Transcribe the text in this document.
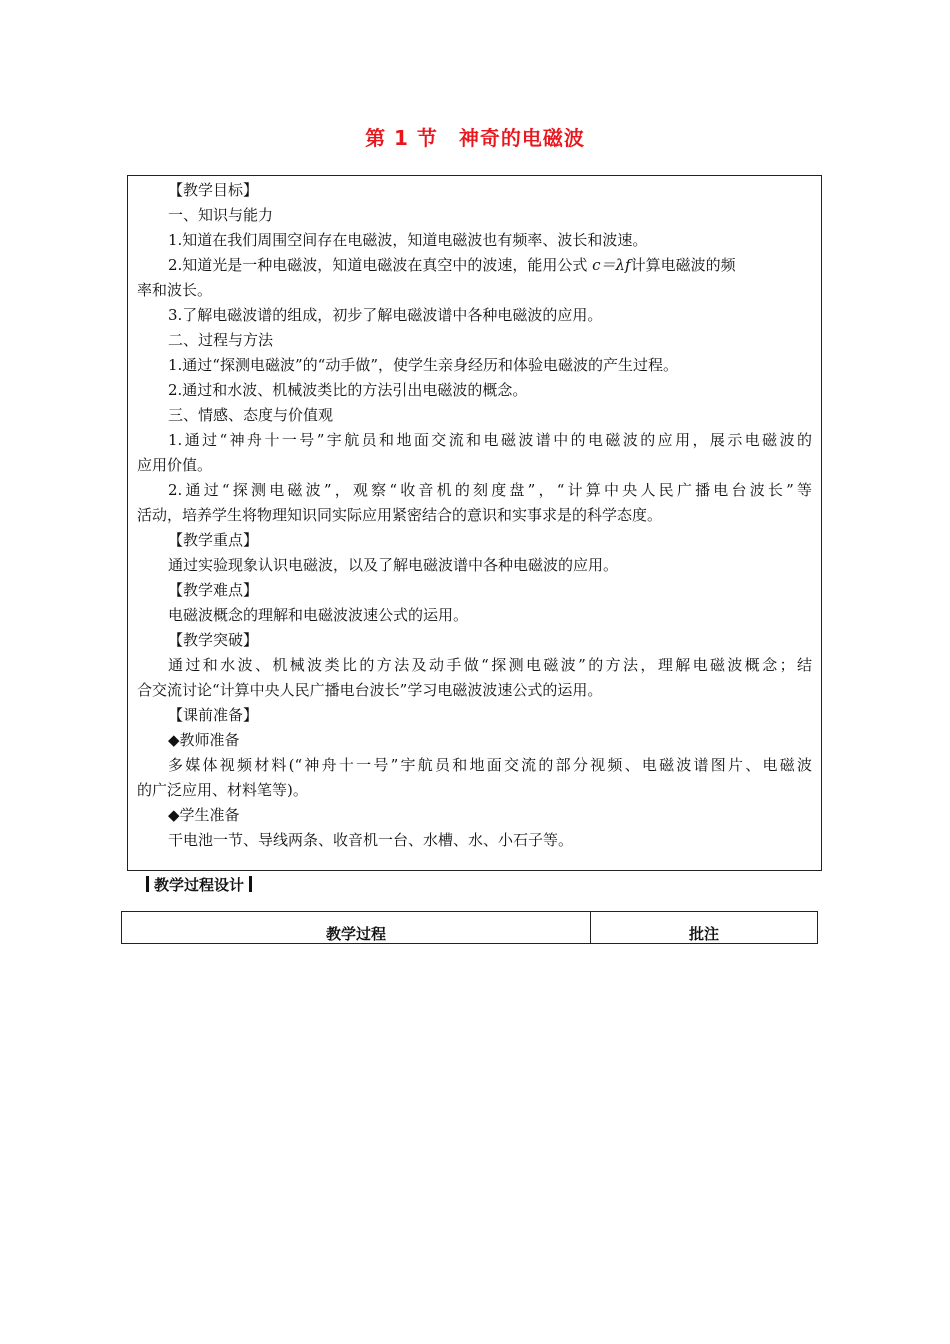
第 1 节　神奇的电磁波
【教学目标】
一、知识与能力
1.知道在我们周围空间存在电磁波，知道电磁波也有频率、波长和波速。
2.知道光是一种电磁波，知道电磁波在真空中的波速，能用公式 c＝λf计算电磁波的频
率和波长。
3.了解电磁波谱的组成，初步了解电磁波谱中各种电磁波的应用。
二、过程与方法
1.通过“探测电磁波”的“动手做”，使学生亲身经历和体验电磁波的产生过程。
2.通过和水波、机械波类比的方法引出电磁波的概念。
三、情感、态度与价值观
1.通过“神舟十一号”宇航员和地面交流和电磁波谱中的电磁波的应用，展示电磁波的
应用价值。
2.通过“探测电磁波”，观察“收音机的刻度盘”，“计算中央人民广播电台波长”等
活动，培养学生将物理知识同实际应用紧密结合的意识和实事求是的科学态度。
【教学重点】
通过实验现象认识电磁波，以及了解电磁波谱中各种电磁波的应用。
【教学难点】
电磁波概念的理解和电磁波波速公式的运用。
【教学突破】
通过和水波、机械波类比的方法及动手做“探测电磁波”的方法，理解电磁波概念；结
合交流讨论“计算中央人民广播电台波长”学习电磁波波速公式的运用。
【课前准备】
◆教师准备
多媒体视频材料(“神舟十一号”宇航员和地面交流的部分视频、电磁波谱图片、电磁波
的广泛应用、材料笔等)。
◆学生准备
干电池一节、导线两条、收音机一台、水槽、水、小石子等。
教学过程设计
教学过程	批注
